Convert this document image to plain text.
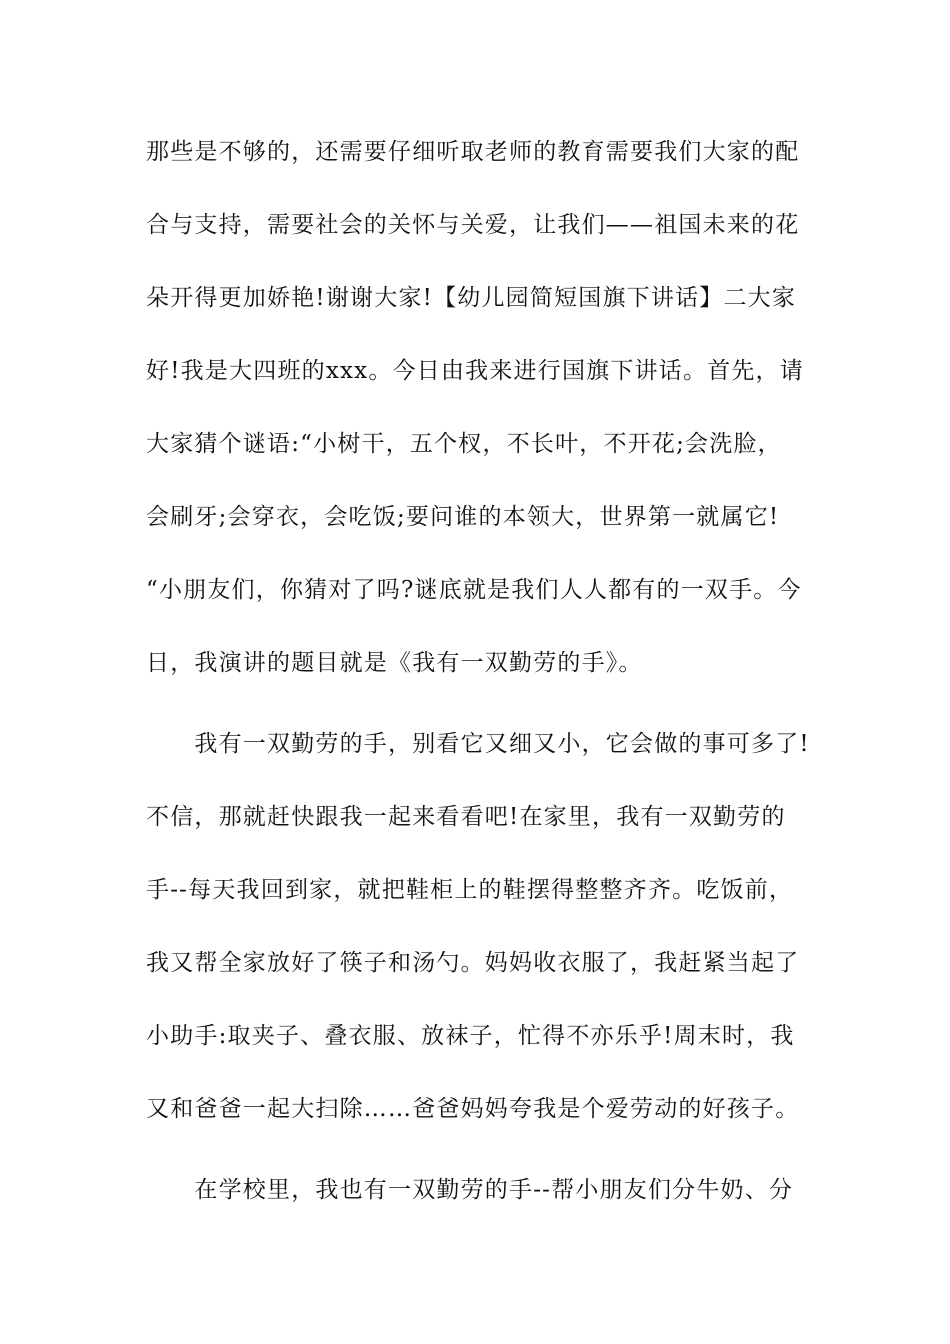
那些是不够的，还需要仔细听取老师的教育需要我们大家的配
合与支持，需要社会的关怀与关爱，让我们——祖国未来的花
朵开得更加娇艳!谢谢大家!【幼儿园简短国旗下讲话】二大家
好!我是大四班的xxx。今日由我来进行国旗下讲话。首先，请
大家猜个谜语:“小树干，五个杈，不长叶，不开花;会洗脸，
会刷牙;会穿衣，会吃饭;要问谁的本领大，世界第一就属它!
“小朋友们，你猜对了吗?谜底就是我们人人都有的一双手。今
日，我演讲的题目就是《我有一双勤劳的手》。
　　我有一双勤劳的手，别看它又细又小，它会做的事可多了!
不信，那就赶快跟我一起来看看吧!在家里，我有一双勤劳的
手--每天我回到家，就把鞋柜上的鞋摆得整整齐齐。吃饭前，
我又帮全家放好了筷子和汤勺。妈妈收衣服了，我赶紧当起了
小助手:取夹子、叠衣服、放袜子，忙得不亦乐乎!周末时，我
又和爸爸一起大扫除……爸爸妈妈夸我是个爱劳动的好孩子。
　　在学校里，我也有一双勤劳的手--帮小朋友们分牛奶、分
